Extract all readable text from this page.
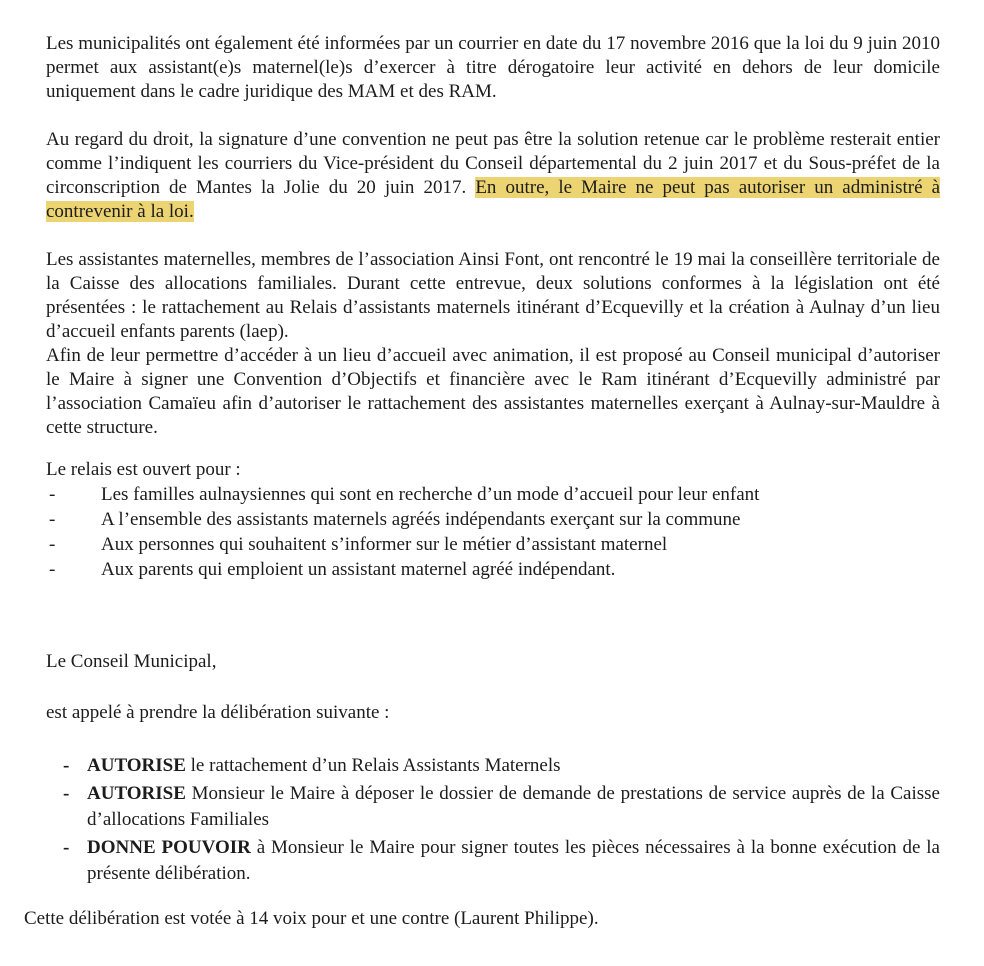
Les municipalités ont également été informées par un courrier en date du 17 novembre 2016 que la loi du 9 juin 2010 permet aux assistant(e)s maternel(le)s d’exercer à titre dérogatoire leur activité en dehors de leur domicile uniquement dans le cadre juridique des MAM et des RAM.

Au regard du droit, la signature d’une convention ne peut pas être la solution retenue car le problème resterait entier comme l’indiquent les courriers du Vice-président du Conseil départemental du 2 juin 2017 et du Sous-préfet de la circonscription de Mantes la Jolie du 20 juin 2017. En outre, le Maire ne peut pas autoriser un administré à contrevenir à la loi.

Les assistantes maternelles, membres de l’association Ainsi Font, ont rencontré le 19 mai la conseillère territoriale de la Caisse des allocations familiales. Durant cette entrevue, deux solutions conformes à la législation ont été présentées : le rattachement au Relais d’assistants maternels itinérant d’Ecquevilly et la création à Aulnay d’un lieu d’accueil enfants parents (laep).

Afin de leur permettre d’accéder à un lieu d’accueil avec animation, il est proposé au Conseil municipal d’autoriser le Maire à signer une Convention d’Objectifs et financière avec le Ram itinérant d’Ecquevilly administré par l’association Camaïeu afin d’autoriser le rattachement des assistantes maternelles exerçant à Aulnay-sur-Mauldre à cette structure.

Le relais est ouvert pour :

- Les familles aulnaysiennes qui sont en recherche d’un mode d’accueil pour leur enfant
- A l’ensemble des assistants maternels agréés indépendants exerçant sur la commune
- Aux personnes qui souhaitent s’informer sur le métier d’assistant maternel
- Aux parents qui emploient un assistant maternel agréé indépendant.

Le Conseil Municipal,

est appelé à prendre la délibération suivante :

- AUTORISE le rattachement d’un Relais Assistants Maternels
- AUTORISE Monsieur le Maire à déposer le dossier de demande de prestations de service auprès de la Caisse d’allocations Familiales
- DONNE POUVOIR à Monsieur le Maire pour signer toutes les pièces nécessaires à la bonne exécution de la présente délibération.

Cette délibération est votée à 14 voix pour et une contre (Laurent Philippe).
